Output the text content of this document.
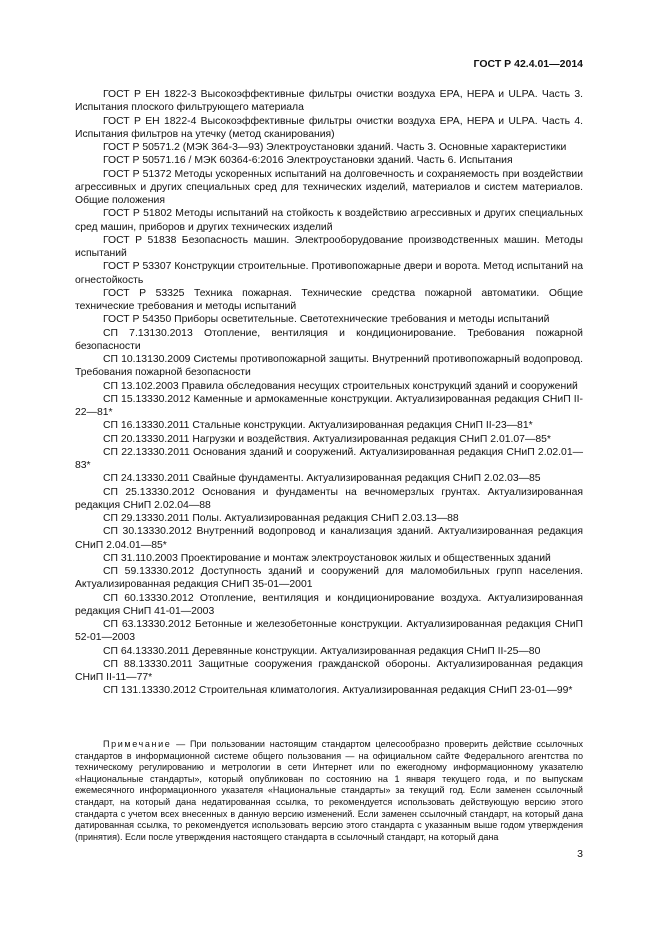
ГОСТ Р 42.4.01—2014

ГОСТ Р ЕН 1822-3 Высокоэффективные фильтры очистки воздуха EPA, HEPA и ULPA. Часть 3. Испытания плоского фильтрующего материала

ГОСТ Р ЕН 1822-4 Высокоэффективные фильтры очистки воздуха EPA, HEPA и ULPA. Часть 4. Испытания фильтров на утечку (метод сканирования)

ГОСТ Р 50571.2 (МЭК 364-3—93) Электроустановки зданий. Часть 3. Основные характеристики

ГОСТ Р 50571.16 / МЭК 60364-6:2016 Электроустановки зданий. Часть 6. Испытания

ГОСТ Р 51372 Методы ускоренных испытаний на долговечность и сохраняемость при воздействии агрессивных и других специальных сред для технических изделий, материалов и систем материалов. Общие положения

ГОСТ Р 51802 Методы испытаний на стойкость к воздействию агрессивных и других специальных сред машин, приборов и других технических изделий

ГОСТ Р 51838 Безопасность машин. Электрооборудование производственных машин. Методы испытаний

ГОСТ Р 53307 Конструкции строительные. Противопожарные двери и ворота. Метод испытаний на огнестойкость

ГОСТ Р 53325 Техника пожарная. Технические средства пожарной автоматики. Общие технические требования и методы испытаний

ГОСТ Р 54350 Приборы осветительные. Светотехнические требования и методы испытаний

СП 7.13130.2013 Отопление, вентиляция и кондиционирование. Требования пожарной безопасности

СП 10.13130.2009 Системы противопожарной защиты. Внутренний противопожарный водопровод. Требования пожарной безопасности

СП 13.102.2003 Правила обследования несущих строительных конструкций зданий и сооружений

СП 15.13330.2012 Каменные и армокаменные конструкции. Актуализированная редакция СНиП II-22—81*

СП 16.13330.2011 Стальные конструкции. Актуализированная редакция СНиП II-23—81*

СП 20.13330.2011 Нагрузки и воздействия. Актуализированная редакция СНиП 2.01.07—85*

СП 22.13330.2011 Основания зданий и сооружений. Актуализированная редакция СНиП 2.02.01—83*

СП 24.13330.2011 Свайные фундаменты. Актуализированная редакция СНиП 2.02.03—85

СП 25.13330.2012 Основания и фундаменты на вечномерзлых грунтах. Актуализированная редакция СНиП 2.02.04—88

СП 29.13330.2011 Полы. Актуализированная редакция СНиП 2.03.13—88

СП 30.13330.2012 Внутренний водопровод и канализация зданий. Актуализированная редакция СНиП 2.04.01—85*

СП 31.110.2003 Проектирование и монтаж электроустановок жилых и общественных зданий

СП 59.13330.2012 Доступность зданий и сооружений для маломобильных групп населения. Актуализированная редакция СНиП 35-01—2001

СП 60.13330.2012 Отопление, вентиляция и кондиционирование воздуха. Актуализированная редакция СНиП 41-01—2003

СП 63.13330.2012 Бетонные и железобетонные конструкции. Актуализированная редакция СНиП 52-01—2003

СП 64.13330.2011 Деревянные конструкции. Актуализированная редакция СНиП II-25—80

СП 88.13330.2011 Защитные сооружения гражданской обороны. Актуализированная редакция СНиП II-11—77*

СП 131.13330.2012 Строительная климатология. Актуализированная редакция СНиП 23-01—99*

Примечание — При пользовании настоящим стандартом целесообразно проверить действие ссылочных стандартов в информационной системе общего пользования — на официальном сайте Федерального агентства по техническому регулированию и метрологии в сети Интернет или по ежегодному информационному указателю «Национальные стандарты», который опубликован по состоянию на 1 января текущего года, и по выпускам ежемесячного информационного указателя «Национальные стандарты» за текущий год. Если заменен ссылочный стандарт, на который дана недатированная ссылка, то рекомендуется использовать действующую версию этого стандарта с учетом всех внесенных в данную версию изменений. Если заменен ссылочный стандарт, на который дана датированная ссылка, то рекомендуется использовать версию этого стандарта с указанным выше годом утверждения (принятия). Если после утверждения настоящего стандарта в ссылочный стандарт, на который дана

3
